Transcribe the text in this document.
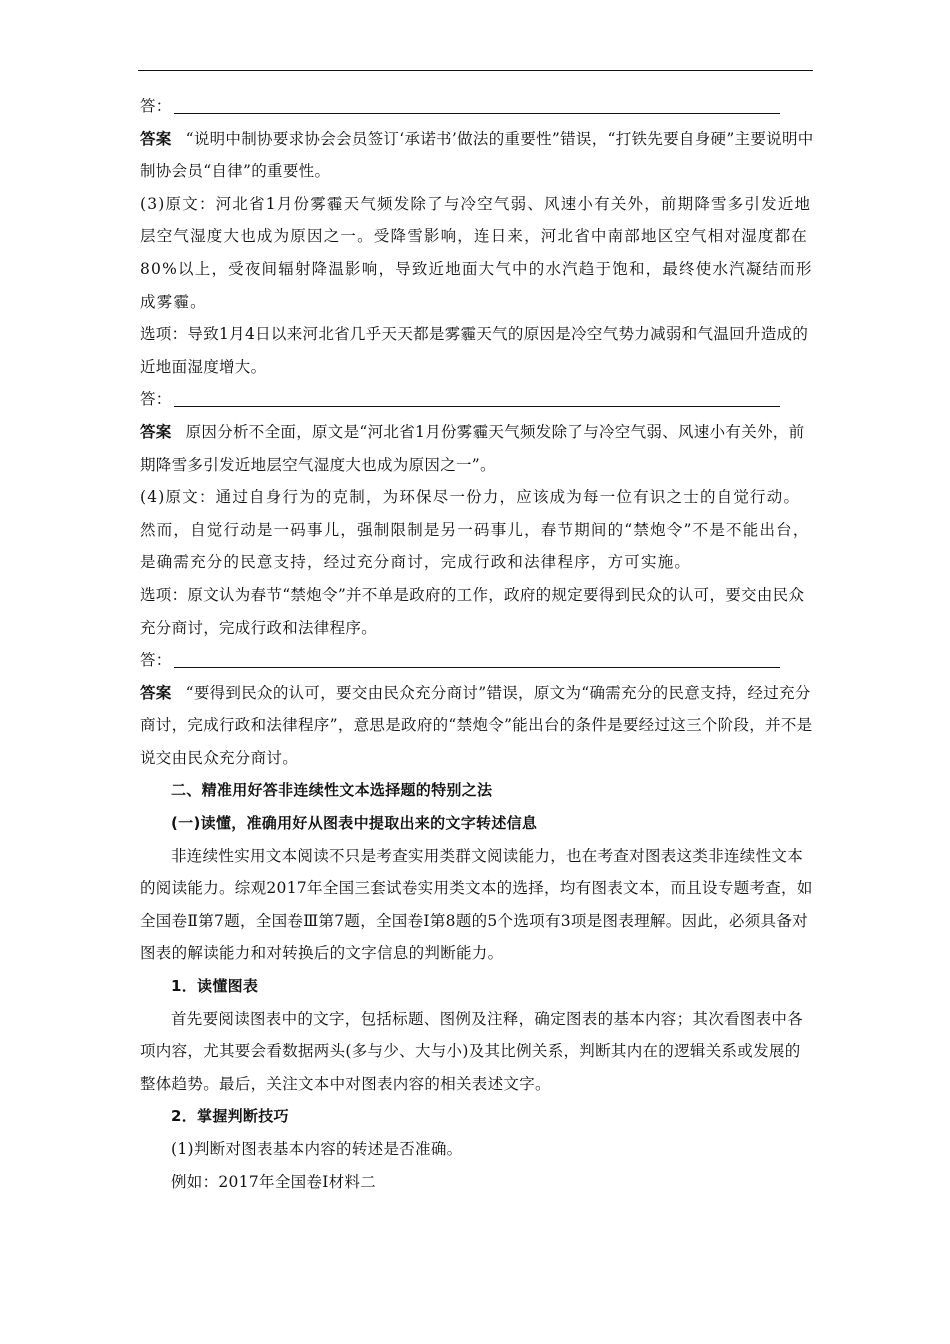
答：

答案 “说明中制协要求协会会员签订‘承诺书’做法的重要性”错误，“打铁先要自身硬”主要说明中制协会员“自律”的重要性。

(3)原文：河北省1月份雾霾天气频发除了与冷空气弱、风速小有关外，前期降雪多引发近地层空气湿度大也成为原因之一。受降雪影响，连日来，河北省中南部地区空气相对湿度都在80%以上，受夜间辐射降温影响，导致近地面大气中的水汽趋于饱和，最终使水汽凝结而形成雾霾。

选项：导致1月4日以来河北省几乎天天都是雾霾天气的原因是冷空气势力减弱和气温回升造成的近地面湿度增大。

答：

答案 原因分析不全面，原文是“河北省1月份雾霾天气频发除了与冷空气弱、风速小有关外，前期降雪多引发近地层空气湿度大也成为原因之一”。

(4)原文：通过自身行为的克制，为环保尽一份力，应该成为每一位有识之士的自觉行动。然而，自觉行动是一码事儿，强制限制是另一码事儿，春节期间的“禁炮令”不是不能出台，是确需充分的民意支持，经过充分商讨，完成行政和法律程序，方可实施。

选项：原文认为春节“禁炮令”并不单是政府的工作，政府的规定要得到民众的认可，要交由民众充分商讨，完成行政和法律程序。

答：

答案 “要得到民众的认可，要交由民众充分商讨”错误，原文为“确需充分的民意支持，经过充分商讨，完成行政和法律程序”，意思是政府的“禁炮令”能出台的条件是要经过这三个阶段，并不是说交由民众充分商讨。

二、精准用好答非连续性文本选择题的特别之法

(一)读懂，准确用好从图表中提取出来的文字转述信息

非连续性实用文本阅读不只是考查实用类群文阅读能力，也在考查对图表这类非连续性文本的阅读能力。综观2017年全国三套试卷实用类文本的选择，均有图表文本，而且设专题考查，如全国卷Ⅱ第7题，全国卷Ⅲ第7题，全国卷Ⅰ第8题的5个选项有3项是图表理解。因此，必须具备对图表的解读能力和对转换后的文字信息的判断能力。

1．读懂图表

首先要阅读图表中的文字，包括标题、图例及注释，确定图表的基本内容；其次看图表中各项内容，尤其要会看数据两头(多与少、大与小)及其比例关系，判断其内在的逻辑关系或发展的整体趋势。最后，关注文本中对图表内容的相关表述文字。

2．掌握判断技巧

(1)判断对图表基本内容的转述是否准确。

例如：2017年全国卷Ⅰ材料二
